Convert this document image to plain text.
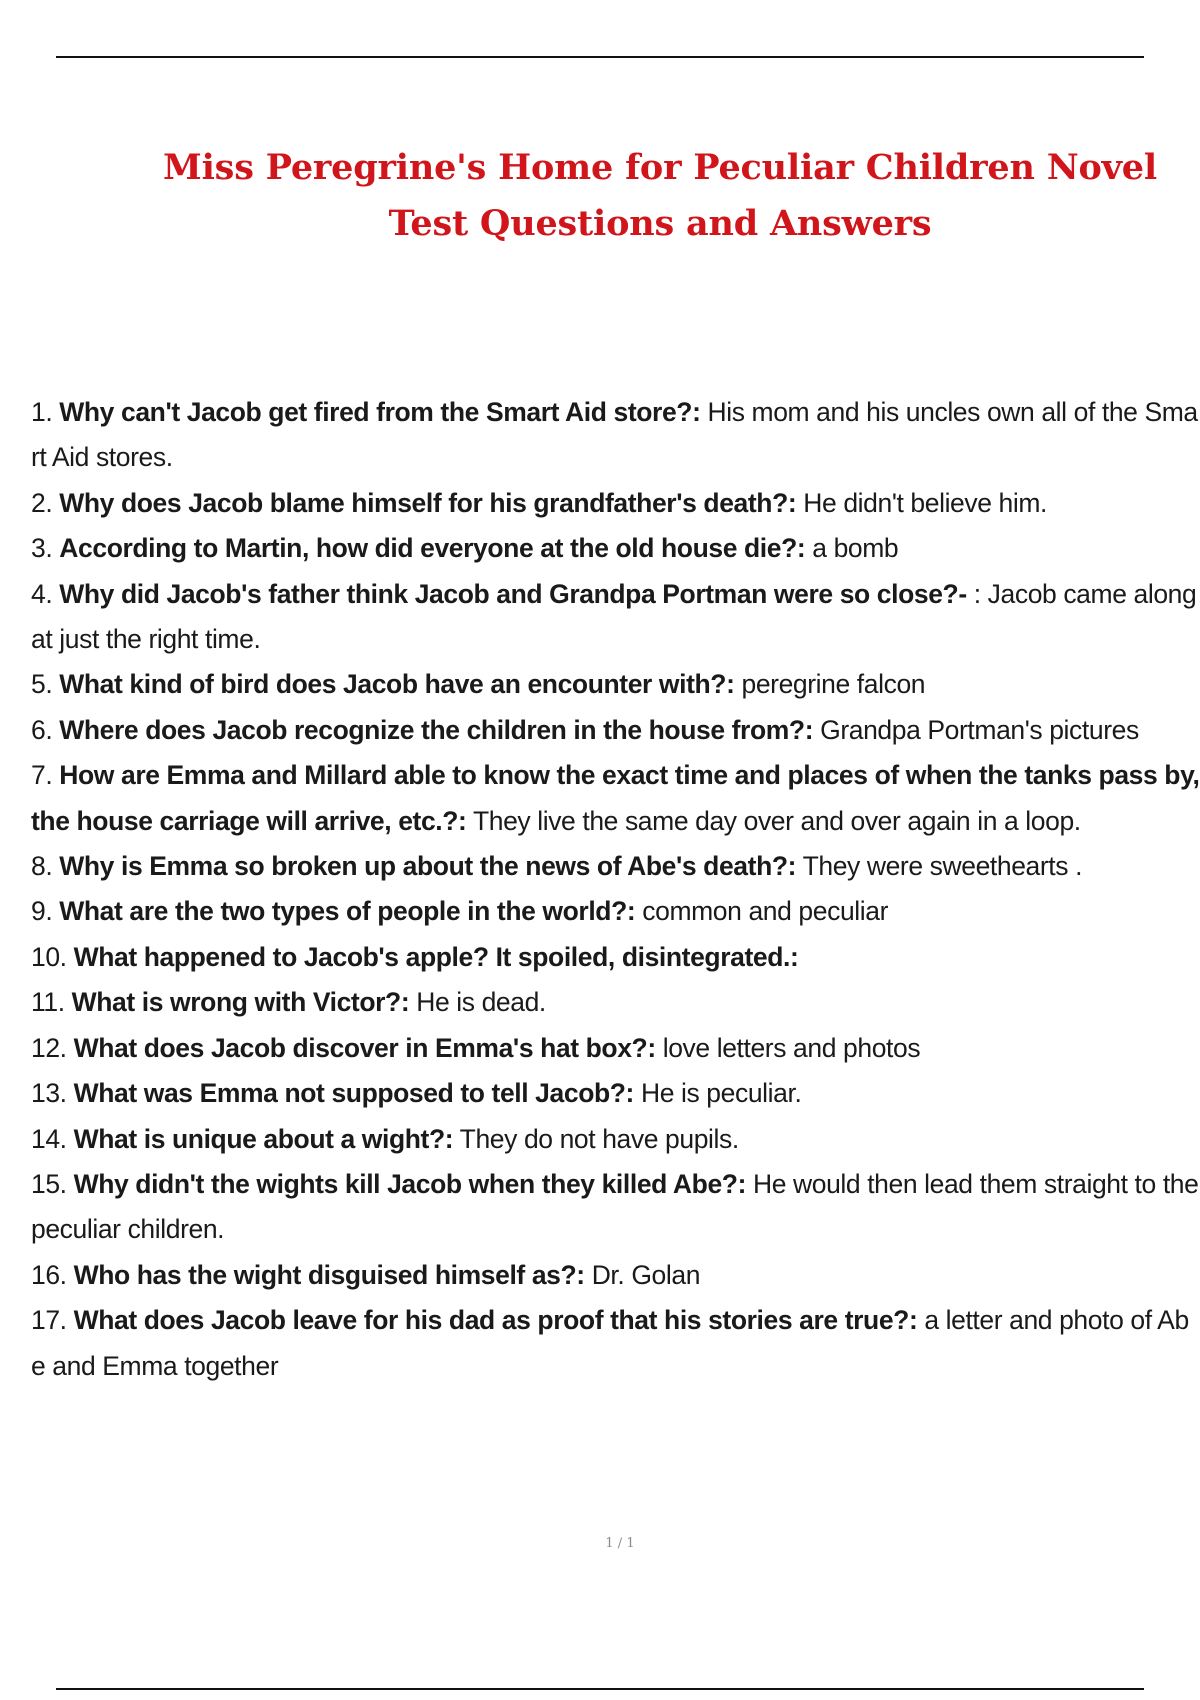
Miss Peregrine's Home for Peculiar Children Novel Test Questions and Answers
1. Why can't Jacob get fired from the Smart Aid store?: His mom and his uncles own all of the Smart Aid stores.
2. Why does Jacob blame himself for his grandfather's death?: He didn't believe him.
3. According to Martin, how did everyone at the old house die?: a bomb
4. Why did Jacob's father think Jacob and Grandpa Portman were so close?- : Jacob came along at just the right time.
5. What kind of bird does Jacob have an encounter with?: peregrine falcon
6. Where does Jacob recognize the children in the house from?: Grandpa Portman's pictures
7. How are Emma and Millard able to know the exact time and places of when the tanks pass by, the house carriage will arrive, etc.?: They live the same day over and over again in a loop.
8. Why is Emma so broken up about the news of Abe's death?: They were sweethearts .
9. What are the two types of people in the world?: common and peculiar
10. What happened to Jacob's apple? It spoiled, disintegrated.:
11. What is wrong with Victor?: He is dead.
12. What does Jacob discover in Emma's hat box?: love letters and photos
13. What was Emma not supposed to tell Jacob?: He is peculiar.
14. What is unique about a wight?: They do not have pupils.
15. Why didn't the wights kill Jacob when they killed Abe?: He would then lead them straight to the peculiar children.
16. Who has the wight disguised himself as?: Dr. Golan
17. What does Jacob leave for his dad as proof that his stories are true?: a letter and photo of Abe and Emma together
1 / 1
